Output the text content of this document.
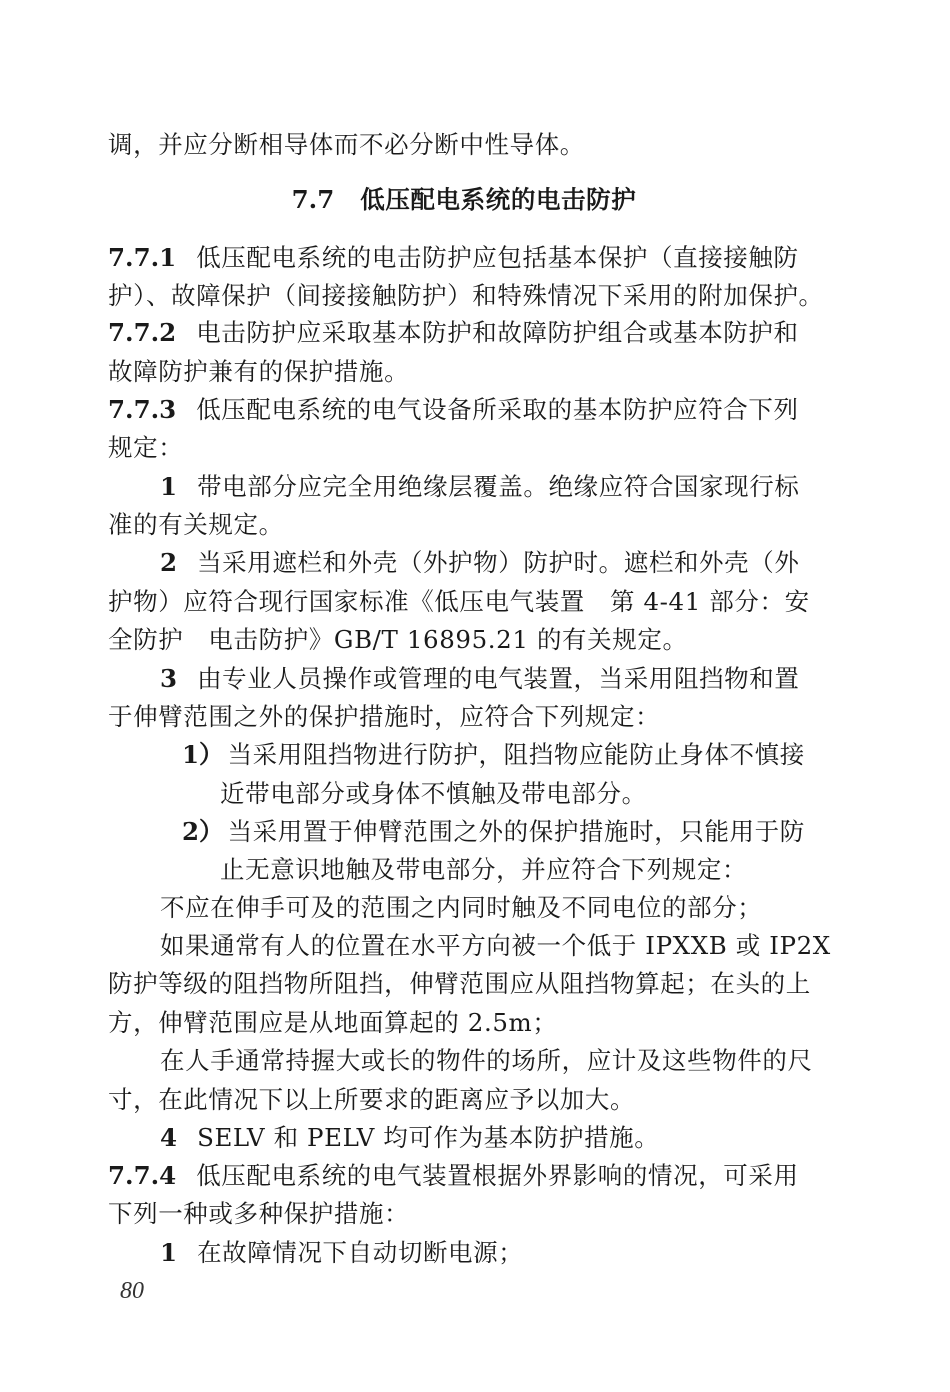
调，并应分断相导体而不必分断中性导体。
7.7 低压配电系统的电击防护
7.7.1 低压配电系统的电击防护应包括基本保护（直接接触防
护）、故障保护（间接接触防护）和特殊情况下采用的附加保护。
7.7.2 电击防护应采取基本防护和故障防护组合或基本防护和
故障防护兼有的保护措施。
7.7.3 低压配电系统的电气设备所采取的基本防护应符合下列
规定：
1 带电部分应完全用绝缘层覆盖。绝缘应符合国家现行标
准的有关规定。
2 当采用遮栏和外壳（外护物）防护时。遮栏和外壳（外
护物）应符合现行国家标准《低压电气装置　第 4-41 部分：安
全防护　电击防护》GB/T 16895.21 的有关规定。
3 由专业人员操作或管理的电气装置，当采用阻挡物和置
于伸臂范围之外的保护措施时，应符合下列规定：
1） 当采用阻挡物进行防护，阻挡物应能防止身体不慎接
近带电部分或身体不慎触及带电部分。
2） 当采用置于伸臂范围之外的保护措施时，只能用于防
止无意识地触及带电部分，并应符合下列规定：
不应在伸手可及的范围之内同时触及不同电位的部分；
如果通常有人的位置在水平方向被一个低于 IPXXB 或 IP2X
防护等级的阻挡物所阻挡，伸臂范围应从阻挡物算起；在头的上
方，伸臂范围应是从地面算起的 2.5m；
在人手通常持握大或长的物件的场所，应计及这些物件的尺
寸，在此情况下以上所要求的距离应予以加大。
4 SELV 和 PELV 均可作为基本防护措施。
7.7.4 低压配电系统的电气装置根据外界影响的情况，可采用
下列一种或多种保护措施：
1 在故障情况下自动切断电源；
80
